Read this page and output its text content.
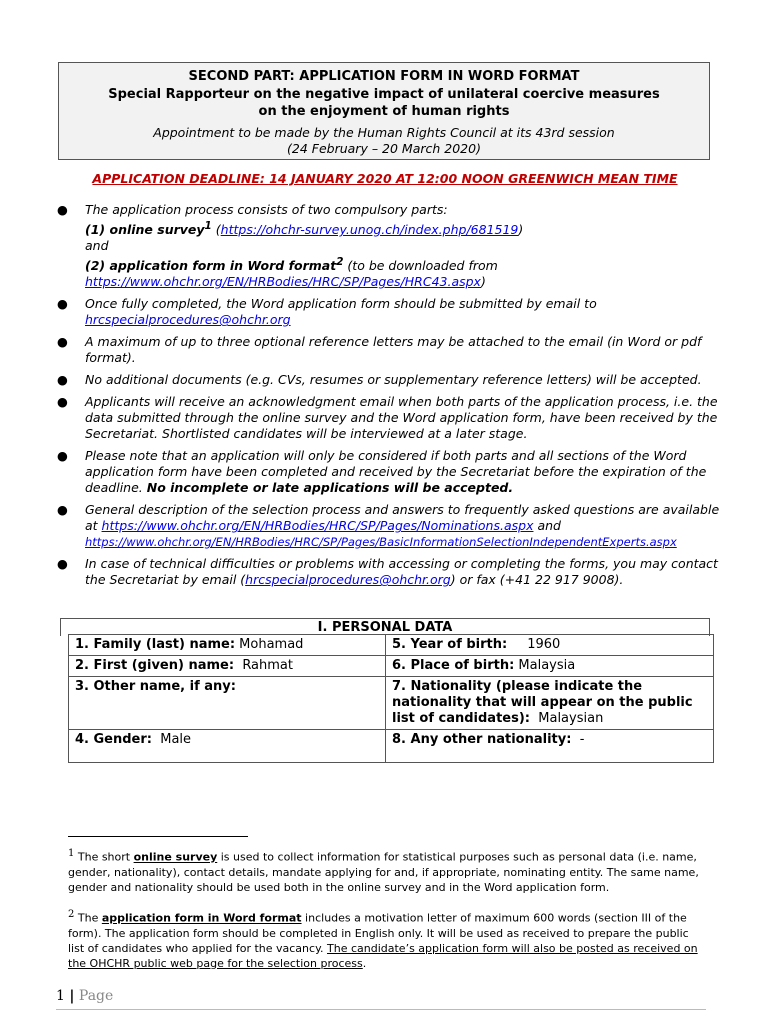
SECOND PART: APPLICATION FORM IN WORD FORMAT
Special Rapporteur on the negative impact of unilateral coercive measures
on the enjoyment of human rights
Appointment to be made by the Human Rights Council at its 43rd session
(24 February – 20 March 2020)
APPLICATION DEADLINE: 14 JANUARY 2020 AT 12:00 NOON GREENWICH MEAN TIME
● The application process consists of two compulsory parts:
(1) online survey$^1$ (https://ohchr-survey.unog.ch/index.php/681519)
and
(2) application form in Word format$^2$ (to be downloaded from
https://www.ohchr.org/EN/HRBodies/HRC/SP/Pages/HRC43.aspx)
● Once fully completed, the Word application form should be submitted by email to
hrcspecialprocedures@ohchr.org
● A maximum of up to three optional reference letters may be attached to the email (in Word or pdf format).
● No additional documents (e.g. CVs, resumes or supplementary reference letters) will be accepted.
● Applicants will receive an acknowledgment email when both parts of the application process, i.e. the data submitted through the online survey and the Word application form, have been received by the Secretariat. Shortlisted candidates will be interviewed at a later stage.
● Please note that an application will only be considered if both parts and all sections of the Word application form have been completed and received by the Secretariat before the expiration of the deadline. No incomplete or late applications will be accepted.
● General description of the selection process and answers to frequently asked questions are available at https://www.ohchr.org/EN/HRBodies/HRC/SP/Pages/Nominations.aspx and
https://www.ohchr.org/EN/HRBodies/HRC/SP/Pages/BasicInformationSelectionIndependentExperts.aspx
● In case of technical difficulties or problems with accessing or completing the forms, you may contact the Secretariat by email (hrcspecialprocedures@ohchr.org) or fax (+41 22 917 9008).
I. PERSONAL DATA
1. Family (last) name: Mohamad	5. Year of birth: 1960
2. First (given) name: Rahmat	6. Place of birth: Malaysia
3. Other name, if any:	7. Nationality (please indicate the nationality that will appear on the public list of candidates): Malaysian
4. Gender: Male	8. Any other nationality: -
$^1$ The short online survey is used to collect information for statistical purposes such as personal data (i.e. name, gender, nationality), contact details, mandate applying for and, if appropriate, nominating entity. The same name, gender and nationality should be used both in the online survey and in the Word application form.
$^2$ The application form in Word format includes a motivation letter of maximum 600 words (section III of the form). The application form should be completed in English only. It will be used as received to prepare the public list of candidates who applied for the vacancy. The candidate’s application form will also be posted as received on the OHCHR public web page for the selection process.
1 | Page
